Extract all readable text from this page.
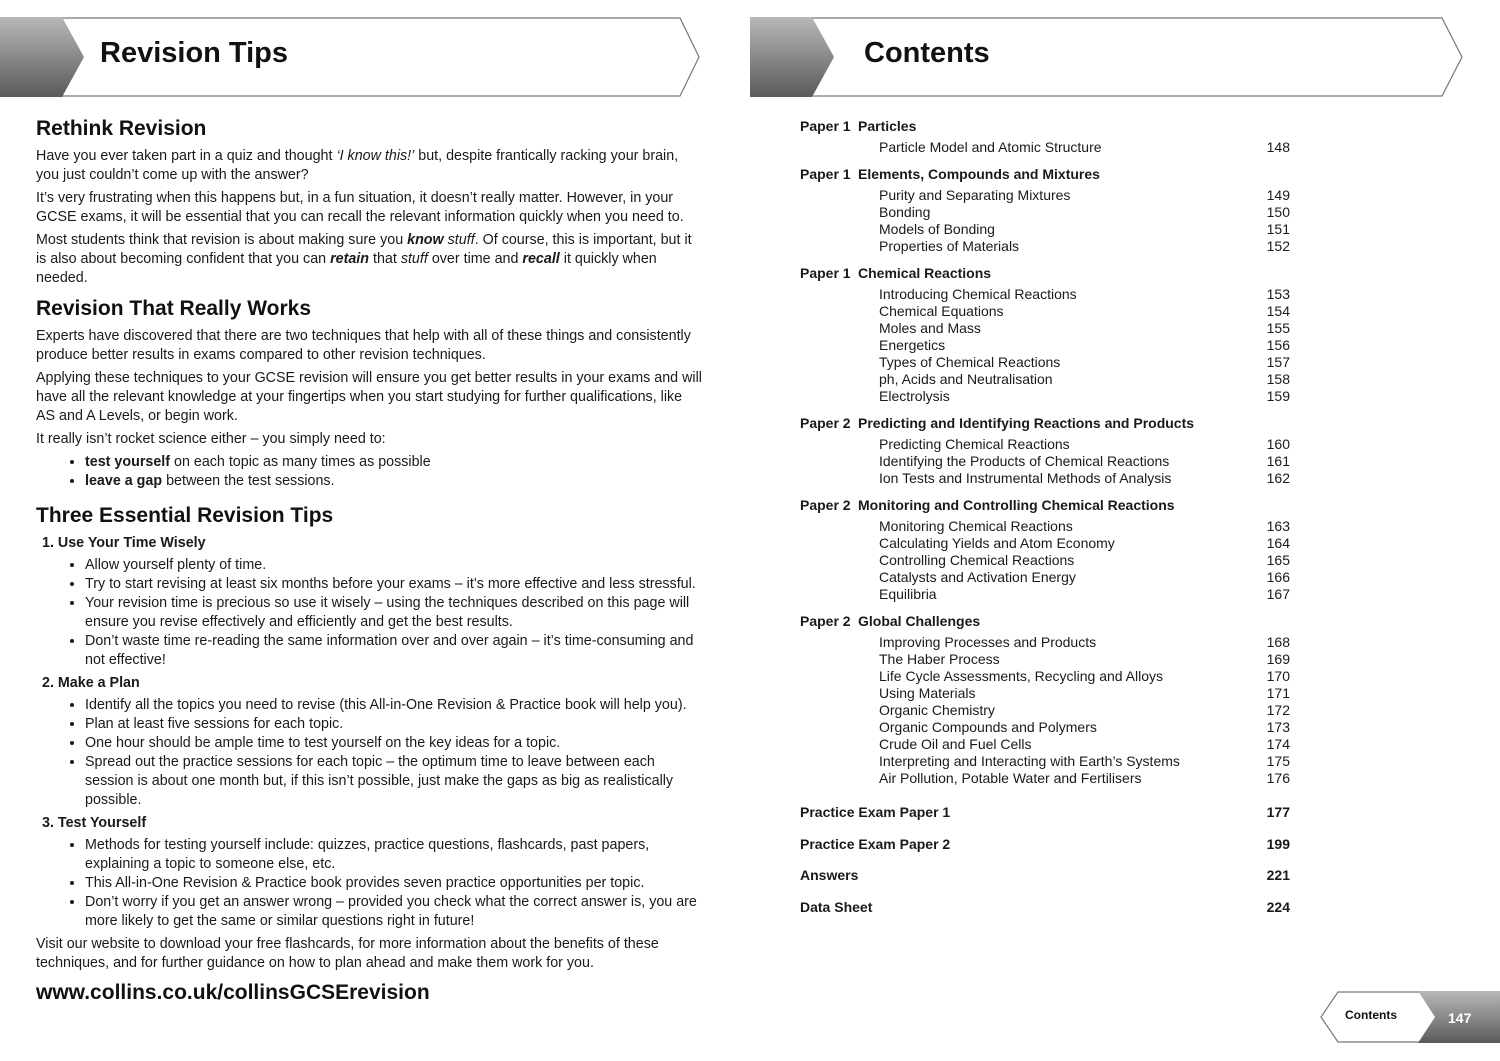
Revision Tips	Contents
Rethink Revision

Have you ever taken part in a quiz and thought ‘I know this!’ but, despite frantically racking your brain, you just couldn’t come up with the answer?

It’s very frustrating when this happens but, in a fun situation, it doesn’t really matter. However, in your GCSE exams, it will be essential that you can recall the relevant information quickly when you need to.

Most students think that revision is about making sure you know stuff. Of course, this is important, but it is also about becoming confident that you can retain that stuff over time and recall it quickly when needed.

Revision That Really Works

Experts have discovered that there are two techniques that help with all of these things and consistently produce better results in exams compared to other revision techniques.

Applying these techniques to your GCSE revision will ensure you get better results in your exams and will have all the relevant knowledge at your fingertips when you start studying for further qualifications, like AS and A Levels, or begin work.

It really isn’t rocket science either – you simply need to:

• test yourself on each topic as many times as possible
• leave a gap between the test sessions.
Three Essential Revision Tips
1. Use Your Time Wisely
• Allow yourself plenty of time.
• Try to start revising at least six months before your exams – it’s more effective and less stressful.
• Your revision time is precious so use it wisely – using the techniques described on this page will ensure you revise effectively and efficiently and get the best results.
• Don’t waste time re-reading the same information over and over again – it’s time-consuming and not effective!
2. Make a Plan
• Identify all the topics you need to revise (this All-in-One Revision & Practice book will help you).
• Plan at least five sessions for each topic.
• One hour should be ample time to test yourself on the key ideas for a topic.
• Spread out the practice sessions for each topic – the optimum time to leave between each session is about one month but, if this isn’t possible, just make the gaps as big as realistically possible.
3. Test Yourself
• Methods for testing yourself include: quizzes, practice questions, flashcards, past papers, explaining a topic to someone else, etc.
• This All-in-One Revision & Practice book provides seven practice opportunities per topic.
• Don’t worry if you get an answer wrong – provided you check what the correct answer is, you are more likely to get the same or similar questions right in future!

Visit our website to download your free flashcards, for more information about the benefits of these techniques, and for further guidance on how to plan ahead and make them work for you.

www.collins.co.uk/collinsGCSErevision
Paper 1 Particles
Particle Model and Atomic Structure	148
Paper 1 Elements, Compounds and Mixtures
Purity and Separating Mixtures	149
Bonding	150
Models of Bonding	151
Properties of Materials	152
Paper 1 Chemical Reactions
Introducing Chemical Reactions	153
Chemical Equations	154
Moles and Mass	155
Energetics	156
Types of Chemical Reactions	157
ph, Acids and Neutralisation	158
Electrolysis	159
Paper 2 Predicting and Identifying Reactions and Products
Predicting Chemical Reactions	160
Identifying the Products of Chemical Reactions	161
Ion Tests and Instrumental Methods of Analysis	162
Paper 2 Monitoring and Controlling Chemical Reactions
Monitoring Chemical Reactions	163
Calculating Yields and Atom Economy	164
Controlling Chemical Reactions	165
Catalysts and Activation Energy	166
Equilibria	167
Paper 2 Global Challenges
Improving Processes and Products	168
The Haber Process	169
Life Cycle Assessments, Recycling and Alloys	170
Using Materials	171
Organic Chemistry	172
Organic Compounds and Polymers	173
Crude Oil and Fuel Cells	174
Interpreting and Interacting with Earth’s Systems	175
Air Pollution, Potable Water and Fertilisers	176
Practice Exam Paper 1	177
Practice Exam Paper 2	199
Answers	221
Data Sheet	224
Contents	147
